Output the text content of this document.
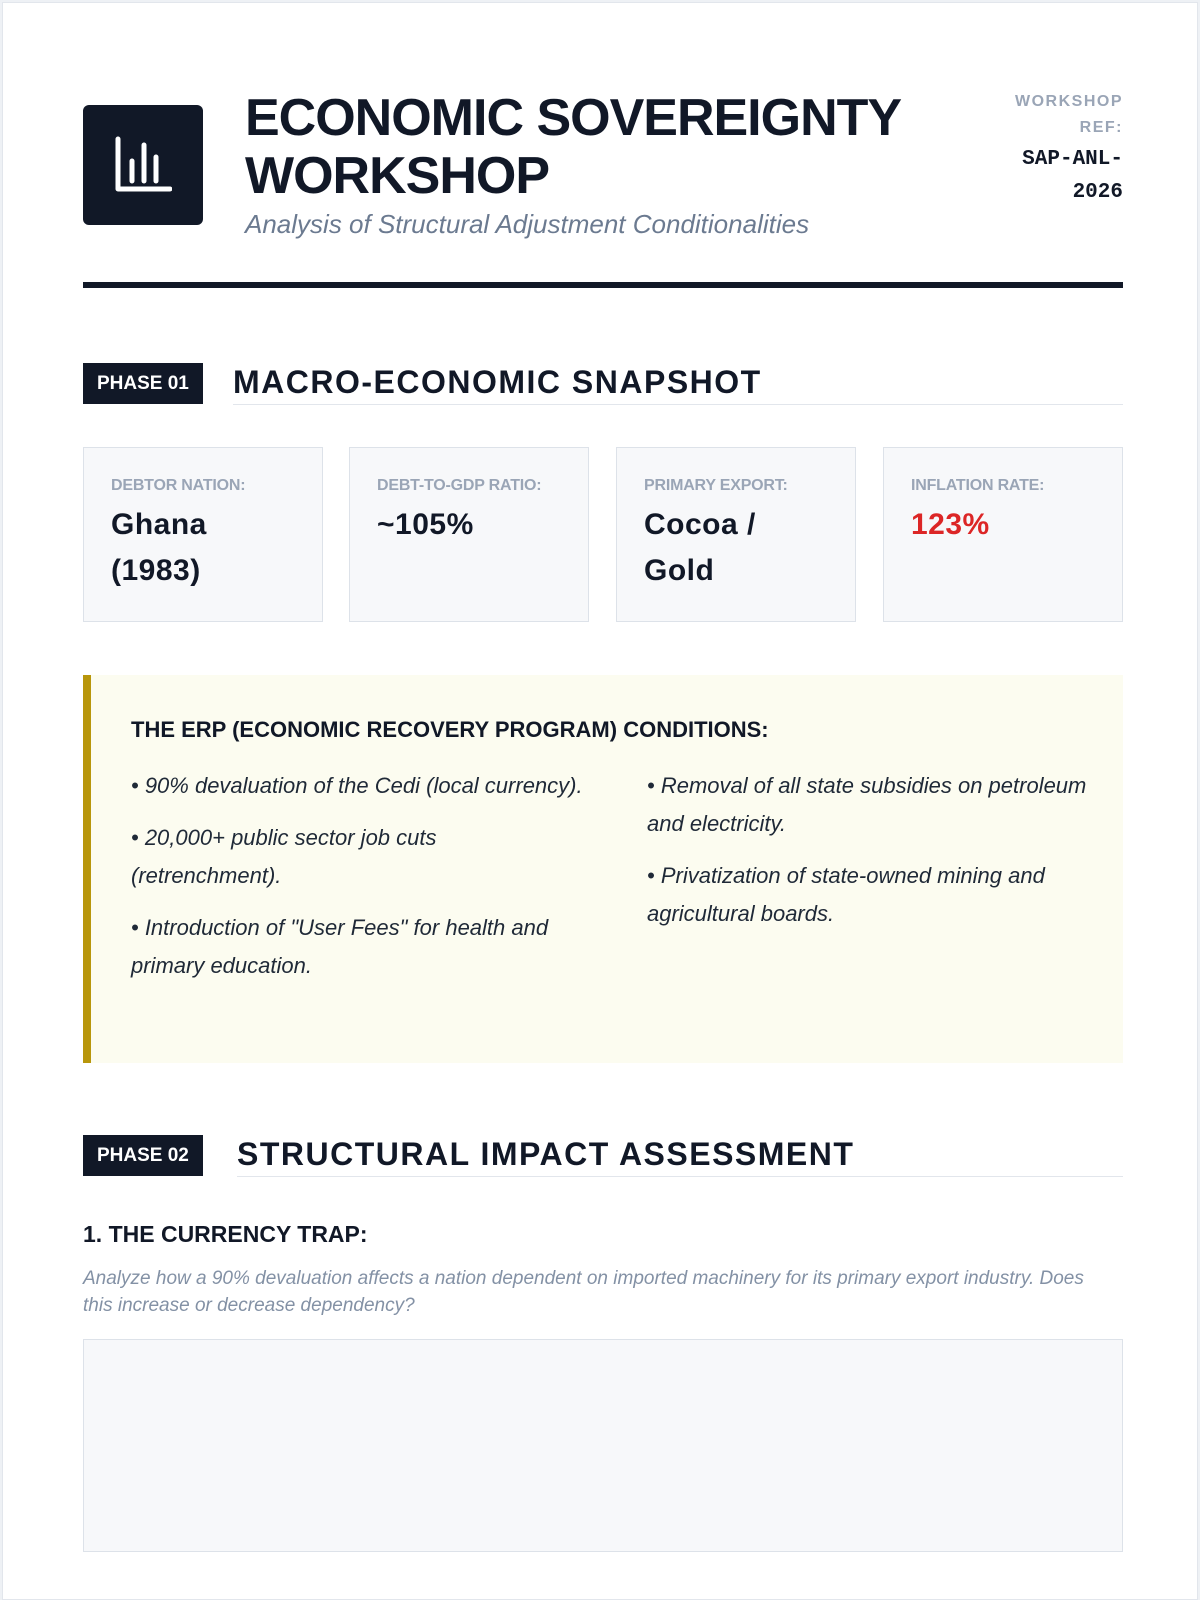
ECONOMIC SOVEREIGNTY WORKSHOP
Analysis of Structural Adjustment Conditionalities
WORKSHOP REF:
SAP-ANL-2026
PHASE 01	MACRO-ECONOMIC SNAPSHOT
DEBTOR NATION:
Ghana (1983)
DEBT-TO-GDP RATIO:
~105%
PRIMARY EXPORT:
Cocoa / Gold
INFLATION RATE:
123%
THE ERP (ECONOMIC RECOVERY PROGRAM) CONDITIONS:
• 90% devaluation of the Cedi (local currency).
• 20,000+ public sector job cuts (retrenchment).
• Introduction of "User Fees" for health and primary education.
• Removal of all state subsidies on petroleum and electricity.
• Privatization of state-owned mining and agricultural boards.
PHASE 02	STRUCTURAL IMPACT ASSESSMENT
1. THE CURRENCY TRAP:
Analyze how a 90% devaluation affects a nation dependent on imported machinery for its primary export industry. Does this increase or decrease dependency?
